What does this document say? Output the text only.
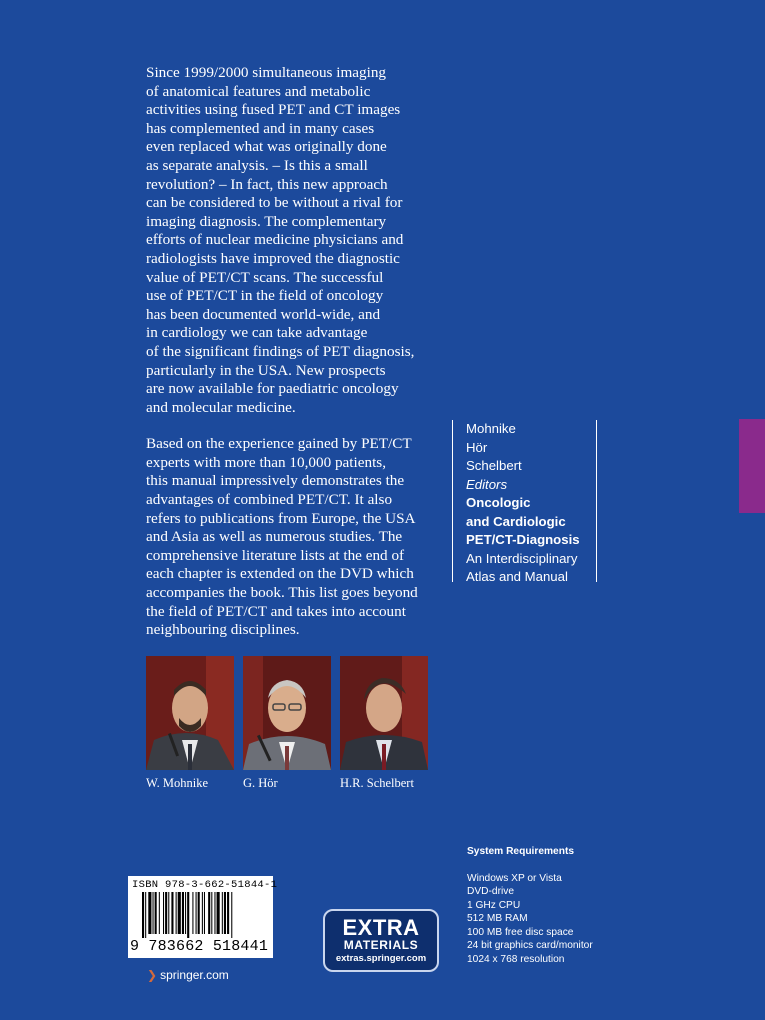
Since 1999/2000 simultaneous imaging
of anatomical features and metabolic
activities using fused PET and CT images
has complemented and in many cases
even replaced what was originally done
as separate analysis. – Is this a small
revolution? – In fact, this new approach
can be considered to be without a rival for
imaging diagnosis. The complementary
efforts of nuclear medicine physicians and
radiologists have improved the diagnostic
value of PET/CT scans. The successful
use of PET/CT in the field of oncology
has been documented world-wide, and
in cardiology we can take advantage
of the significant findings of PET diagnosis,
particularly in the USA. New prospects
are now available for paediatric oncology
and molecular medicine.

Based on the experience gained by PET/CT
experts with more than 10,000 patients,
this manual impressively demonstrates the
advantages of combined PET/CT. It also
refers to publications from Europe, the USA
and Asia as well as numerous studies. The
comprehensive literature lists at the end of
each chapter is extended on the DVD which
accompanies the book. This list goes beyond
the field of PET/CT and takes into account
neighbouring disciplines.

Mohnike
Hör
Schelbert
Editors
Oncologic
and Cardiologic
PET/CT-Diagnosis
An Interdisciplinary
Atlas and Manual
W. Mohnike	G. Hör	H.R. Schelbert
System Requirements
Windows XP or Vista
DVD-drive
1 GHz CPU
512 MB RAM
100 MB free disc space
24 bit graphics card/monitor
1024 x 768 resolution
ISBN 978-3-662-51844-1
9 783662 518441
EXTRA
MATERIALS
extras.springer.com
❯ springer.com
